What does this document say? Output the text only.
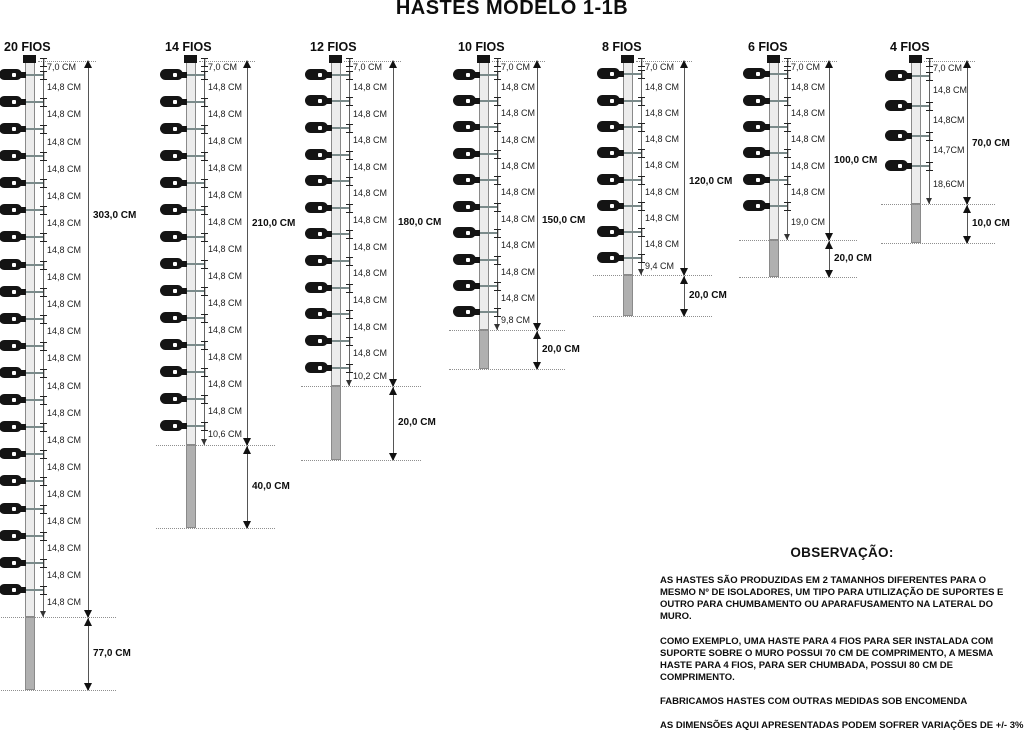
HASTES MODELO 1-1B
20 FIOS
7,0 CM
14,8 CM
14,8 CM
14,8 CM
14,8 CM
14,8 CM
14,8 CM
14,8 CM
14,8 CM
14,8 CM
14,8 CM
14,8 CM
14,8 CM
14,8 CM
14,8 CM
14,8 CM
14,8 CM
14,8 CM
14,8 CM
14,8 CM
14,8 CM
303,0 CM
77,0 CM
14 FIOS
7,0 CM
14,8 CM
14,8 CM
14,8 CM
14,8 CM
14,8 CM
14,8 CM
14,8 CM
14,8 CM
14,8 CM
14,8 CM
14,8 CM
14,8 CM
14,8 CM
10,6 CM
210,0 CM
40,0 CM
12 FIOS
7,0 CM
14,8 CM
14,8 CM
14,8 CM
14,8 CM
14,8 CM
14,8 CM
14,8 CM
14,8 CM
14,8 CM
14,8 CM
14,8 CM
10,2 CM
180,0 CM
20,0 CM
10 FIOS
7,0 CM
14,8 CM
14,8 CM
14,8 CM
14,8 CM
14,8 CM
14,8 CM
14,8 CM
14,8 CM
14,8 CM
9,8 CM
150,0 CM
20,0 CM
8 FIOS
7,0 CM
14,8 CM
14,8 CM
14,8 CM
14,8 CM
14,8 CM
14,8 CM
14,8 CM
9,4 CM
120,0 CM
20,0 CM
6 FIOS
7,0 CM
14,8 CM
14,8 CM
14,8 CM
14,8 CM
14,8 CM
19,0 CM
100,0 CM
20,0 CM
4 FIOS
7,0 CM
14,8 CM
14,8CM
14,7CM
18,6CM
70,0 CM
10,0 CM
OBSERVAÇÃO:

AS HASTES SÃO PRODUZIDAS EM 2 TAMANHOS DIFERENTES PARA O MESMO Nº DE ISOLADORES, UM TIPO PARA UTILIZAÇÃO DE SUPORTES E OUTRO PARA CHUMBAMENTO OU APARAFUSAMENTO NA LATERAL DO MURO.

COMO EXEMPLO, UMA HASTE PARA 4 FIOS PARA SER INSTALADA COM SUPORTE SOBRE O MURO POSSUI 70 CM DE COMPRIMENTO, A MESMA HASTE PARA 4 FIOS, PARA SER CHUMBADA, POSSUI 80 CM DE COMPRIMENTO.

FABRICAMOS HASTES COM OUTRAS MEDIDAS SOB ENCOMENDA

AS DIMENSÕES AQUI APRESENTADAS PODEM SOFRER VARIAÇÕES DE +/- 3%
